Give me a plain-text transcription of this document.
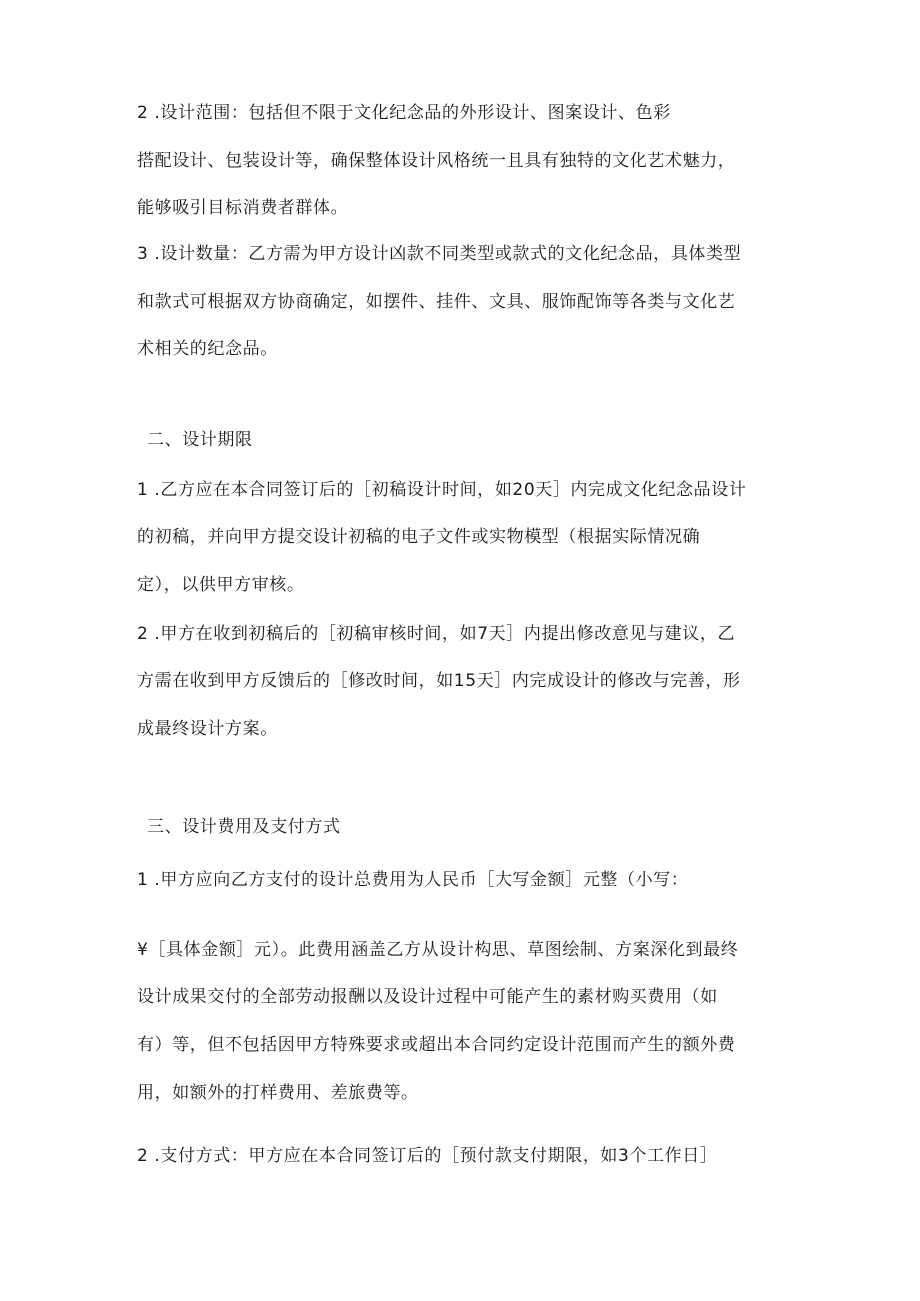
2 .设计范围：包括但不限于文化纪念品的外形设计、图案设计、色彩
搭配设计、包装设计等，确保整体设计风格统一且具有独特的文化艺术魅力，
能够吸引目标消费者群体。
3 .设计数量：乙方需为甲方设计凶款不同类型或款式的文化纪念品，具体类型
和款式可根据双方协商确定，如摆件、挂件、文具、服饰配饰等各类与文化艺
术相关的纪念品。
二、设计期限
1 .乙方应在本合同签订后的［初稿设计时间，如20天］内完成文化纪念品设计
的初稿，并向甲方提交设计初稿的电子文件或实物模型（根据实际情况确
定），以供甲方审核。
2 .甲方在收到初稿后的［初稿审核时间，如7天］内提出修改意见与建议，乙
方需在收到甲方反馈后的［修改时间，如15天］内完成设计的修改与完善，形
成最终设计方案。
三、设计费用及支付方式
1 .甲方应向乙方支付的设计总费用为人民币［大写金额］元整（小写：
¥［具体金额］元）。此费用涵盖乙方从设计构思、草图绘制、方案深化到最终
设计成果交付的全部劳动报酬以及设计过程中可能产生的素材购买费用（如
有）等，但不包括因甲方特殊要求或超出本合同约定设计范围而产生的额外费
用，如额外的打样费用、差旅费等。
2 .支付方式：甲方应在本合同签订后的［预付款支付期限，如3个工作日］
